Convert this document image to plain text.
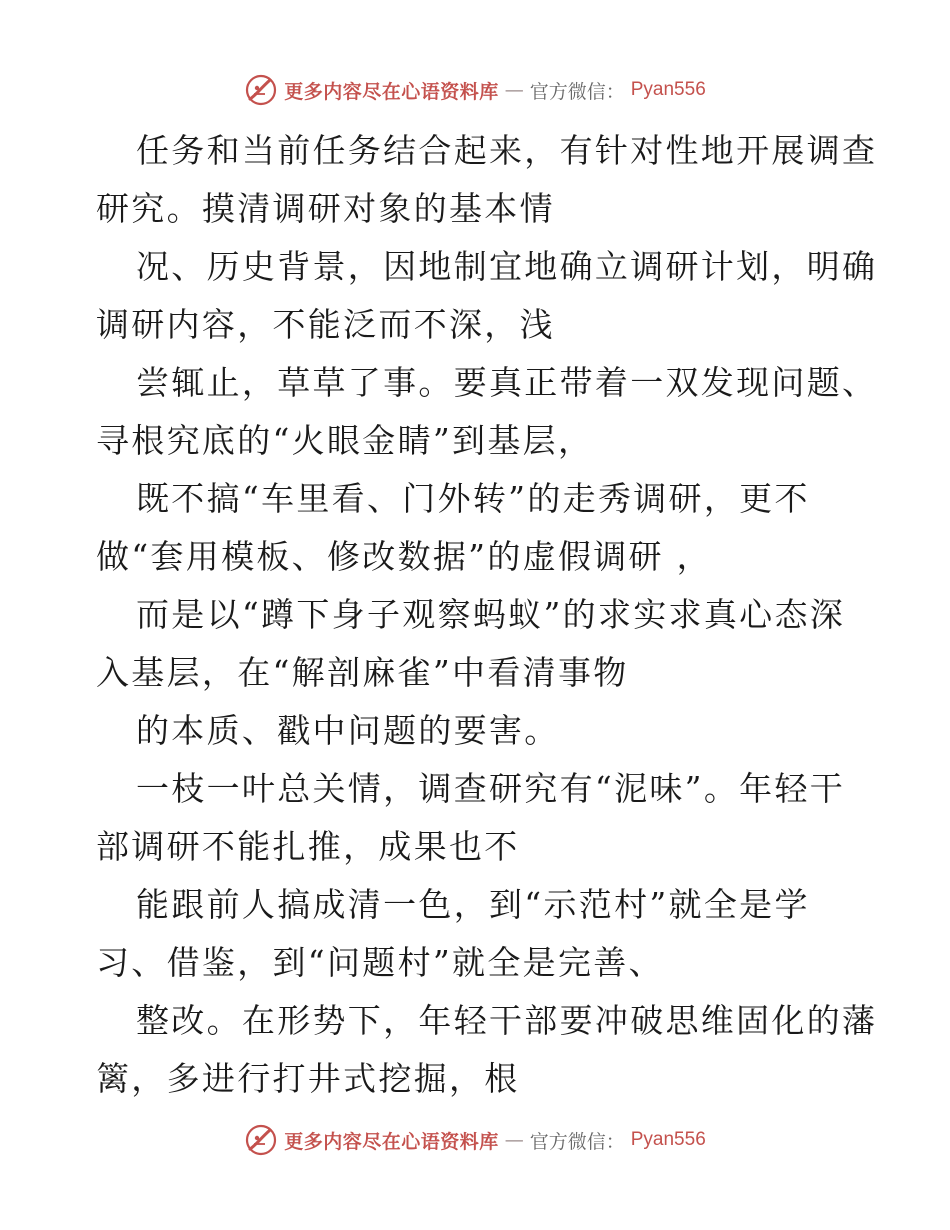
更多内容尽在心语资料库 — 官方微信： Pyan556

任务和当前任务结合起来，有针对性地开展调查
研究。摸清调研对象的基本情

况、历史背景，因地制宜地确立调研计划，明确
调研内容，不能泛而不深，浅

尝辄止，草草了事。要真正带着一双发现问题、
寻根究底的“火眼金睛”到基层，

既不搞“车里看、门外转”的走秀调研，更不
做“套用模板、修改数据”的虚假调研 ，

而是以“蹲下身子观察蚂蚁”的求实求真心态深
入基层，在“解剖麻雀”中看清事物

的本质、戳中问题的要害。

一枝一叶总关情，调查研究有“泥味”。年轻干
部调研不能扎推，成果也不

能跟前人搞成清一色，到“示范村”就全是学
习、借鉴，到“问题村”就全是完善、

整改。在形势下，年轻干部要冲破思维固化的藩
篱，多进行打井式挖掘，根

更多内容尽在心语资料库 — 官方微信： Pyan556
